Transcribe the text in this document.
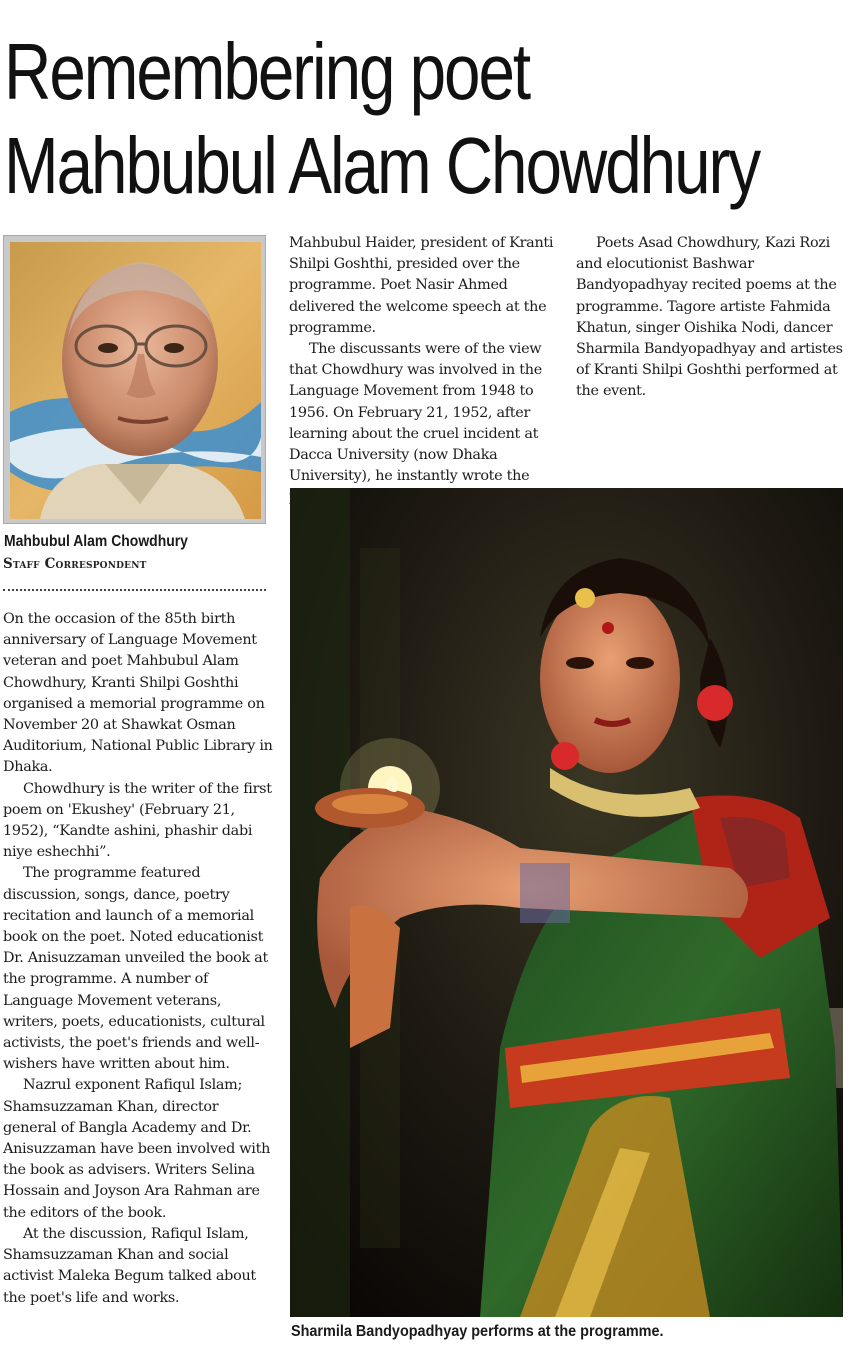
Remembering poet
Mahbubul Alam Chowdhury
Mahbubul Alam Chowdhury
Staff Correspondent

On the occasion of the 85th birth anniversary of Language Movement veteran and poet Mahbubul Alam Chowdhury, Kranti Shilpi Goshthi organised a memorial programme on November 20 at Shawkat Osman Auditorium, National Public Library in Dhaka.

Chowdhury is the writer of the first poem on 'Ekushey' (February 21, 1952), “Kandte ashini, phashir dabi niye eshechhi”.

The programme featured discussion, songs, dance, poetry recitation and launch of a memorial book on the poet. Noted educationist Dr. Anisuzzaman unveiled the book at the programme. A number of Language Movement veterans, writers, poets, educationists, cultural activists, the poet's friends and well-wishers have written about him.

Nazrul exponent Rafiqul Islam; Shamsuzzaman Khan, director general of Bangla Academy and Dr. Anisuzzaman have been involved with the book as advisers. Writers Selina Hossain and Joyson Ara Rahman are the editors of the book.

At the discussion, Rafiqul Islam, Shamsuzzaman Khan and social activist Maleka Begum talked about the poet's life and works.

Mahbubul Haider, president of Kranti Shilpi Goshthi, presided over the programme. Poet Nasir Ahmed delivered the welcome speech at the programme.

The discussants were of the view that Chowdhury was involved in the Language Movement from 1948 to 1956. On February 21, 1952, after learning about the cruel incident at Dacca University (now Dhaka University), he instantly wrote the

Poets Asad Chowdhury, Kazi Rozi and elocutionist Bashwar Bandyopadhyay recited poems at the programme. Tagore artiste Fahmida Khatun, singer Oishika Nodi, dancer Sharmila Bandyopadhyay and artistes of Kranti Shilpi Goshthi performed at the event.

Sharmila Bandyopadhyay performs at the programme.
